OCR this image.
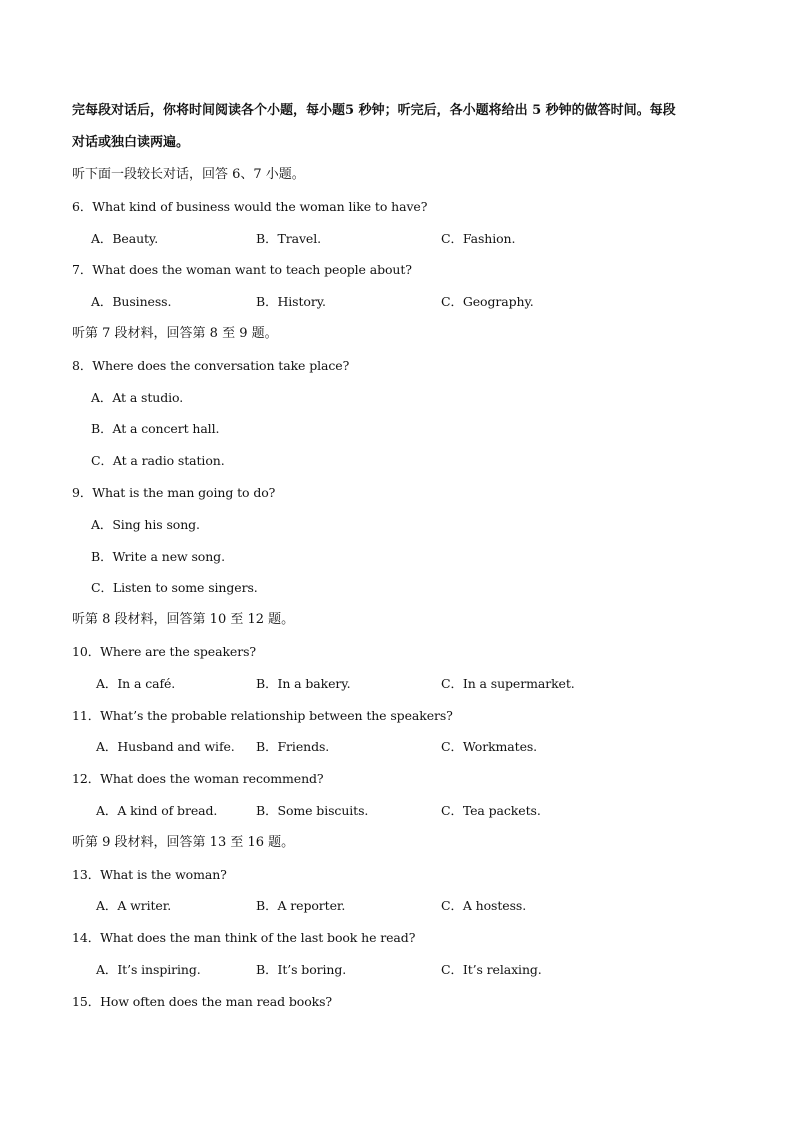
完每段对话后，你将时间阅读各个小题，每小题5 秒钟；听完后，各小题将给出 5 秒钟的做答时间。每段
对话或独白读两遍。
听下面一段较长对话，回答 6、7 小题。
6．What kind of business would the woman like to have?
A．Beauty.	B．Travel.	C．Fashion.
7．What does the woman want to teach people about?
A．Business.	B．History.	C．Geography.
听第 7 段材料，回答第 8 至 9 题。
8．Where does the conversation take place?
A．At a studio.
B．At a concert hall.
C．At a radio station.
9．What is the man going to do?
A．Sing his song.
B．Write a new song.
C．Listen to some singers.
听第 8 段材料，回答第 10 至 12 题。
10．Where are the speakers?
A．In a café.	B．In a bakery.	C．In a supermarket.
11．What’s the probable relationship between the speakers?
A．Husband and wife. B．Friends.	C．Workmates.
12．What does the woman recommend?
A．A kind of bread.	B．Some biscuits.	C．Tea packets.
听第 9 段材料，回答第 13 至 16 题。
13．What is the woman?
A．A writer.	B．A reporter.	C．A hostess.
14．What does the man think of the last book he read?
A．It’s inspiring.	B．It’s boring.	C．It’s relaxing.
15．How often does the man read books?
